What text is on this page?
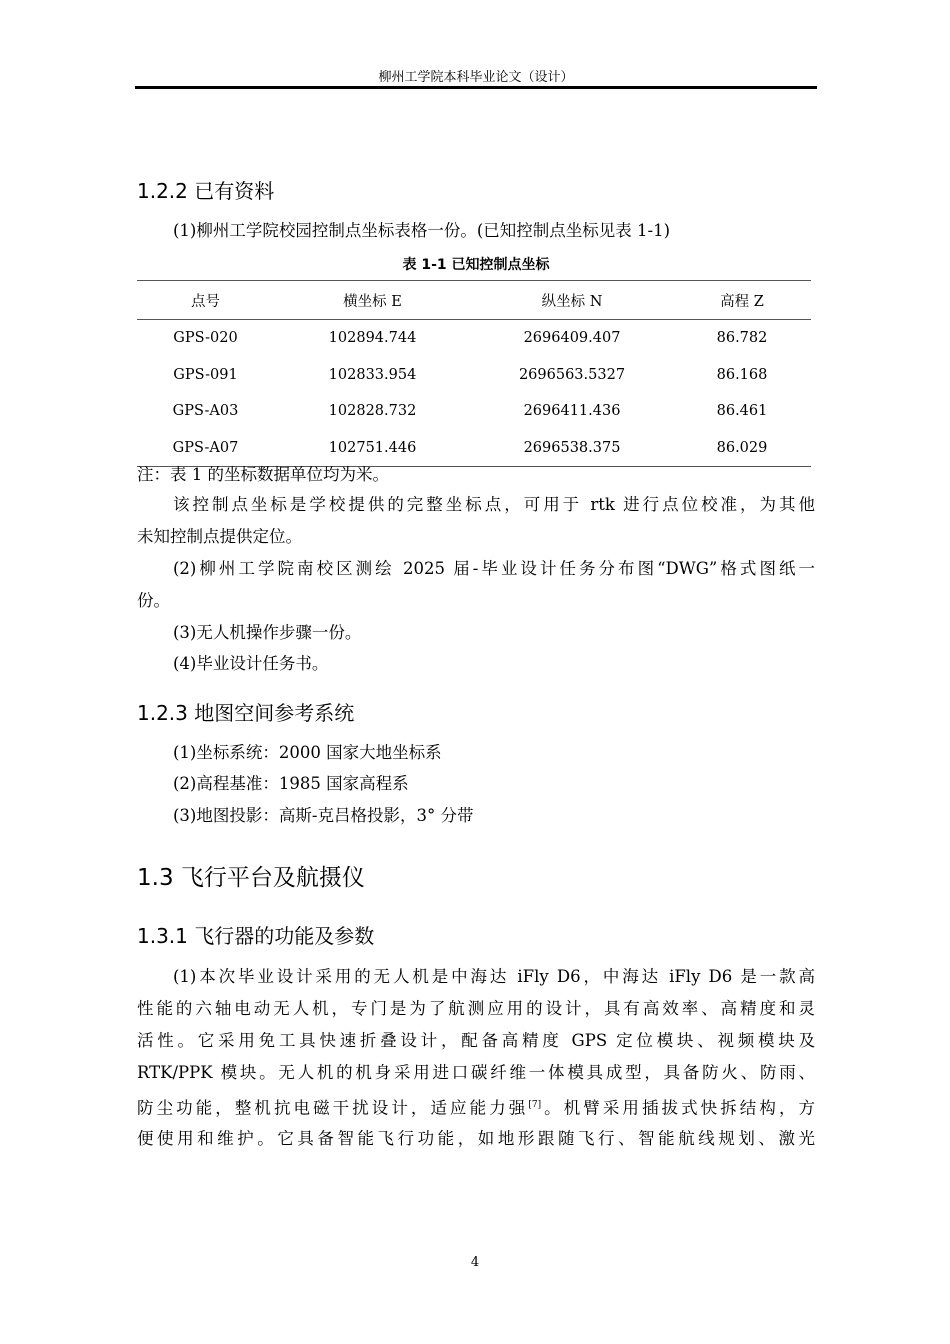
柳州工学院本科毕业论文（设计）
1.2.2 已有资料
(1)柳州工学院校园控制点坐标表格一份。(已知控制点坐标见表 1-1)
表 1-1 已知控制点坐标
点号	横坐标 E	纵坐标 N	高程 Z
GPS-020	102894.744	2696409.407	86.782
GPS-091	102833.954	2696563.5327	86.168
GPS-A03	102828.732	2696411.436	86.461
GPS-A07	102751.446	2696538.375	86.029
注：表 1 的坐标数据单位均为米。
该控制点坐标是学校提供的完整坐标点，可用于 rtk 进行点位校准，为其他
未知控制点提供定位。
(2)柳州工学院南校区测绘 2025 届-毕业设计任务分布图“DWG”格式图纸一
份。
(3)无人机操作步骤一份。
(4)毕业设计任务书。
1.2.3 地图空间参考系统
(1)坐标系统：2000 国家大地坐标系
(2)高程基准：1985 国家高程系
(3)地图投影：高斯-克吕格投影，3° 分带
1.3 飞行平台及航摄仪
1.3.1 飞行器的功能及参数
(1)本次毕业设计采用的无人机是中海达 iFly D6，中海达 iFly D6 是一款高
性能的六轴电动无人机，专门是为了航测应用的设计，具有高效率、高精度和灵
活性。它采用免工具快速折叠设计，配备高精度 GPS 定位模块、视频模块及
RTK/PPK 模块。无人机的机身采用进口碳纤维一体模具成型，具备防火、防雨、
防尘功能，整机抗电磁干扰设计，适应能力强[7]。机臂采用插拔式快拆结构，方
便使用和维护。它具备智能飞行功能，如地形跟随飞行、智能航线规划、激光
4
